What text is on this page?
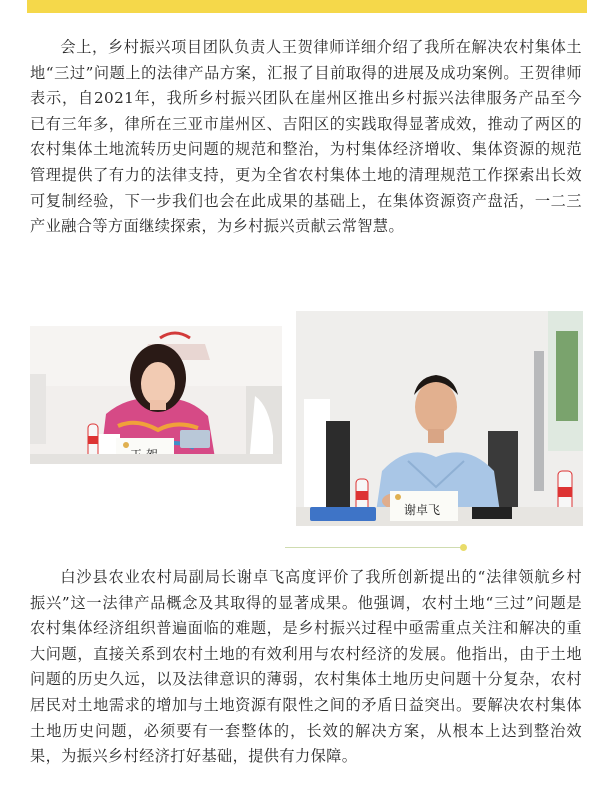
会上，乡村振兴项目团队负责人王贺律师详细介绍了我所在解决农村集体土地“三过”问题上的法律产品方案，汇报了目前取得的进展及成功案例。王贺律师表示，自2021年，我所乡村振兴团队在崖州区推出乡村振兴法律服务产品至今已有三年多，律所在三亚市崖州区、吉阳区的实践取得显著成效，推动了两区的农村集体土地流转历史问题的规范和整治，为村集体经济增收、集体资源的规范管理提供了有力的法律支持，更为全省农村集体土地的清理规范工作探索出长效可复制经验，下一步我们也会在此成果的基础上，在集体资源资产盘活，一二三产业融合等方面继续探索，为乡村振兴贡献云常智慧。

谢卓飞

白沙县农业农村局副局长谢卓飞高度评价了我所创新提出的“法律领航乡村振兴”这一法律产品概念及其取得的显著成果。他强调，农村土地“三过”问题是农村集体经济组织普遍面临的难题，是乡村振兴过程中亟需重点关注和解决的重大问题，直接关系到农村土地的有效利用与农村经济的发展。他指出，由于土地问题的历史久远，以及法律意识的薄弱，农村集体土地历史问题十分复杂，农村居民对土地需求的增加与土地资源有限性之间的矛盾日益突出。要解决农村集体土地历史问题，必须要有一套整体的，长效的解决方案，从根本上达到整治效果，为振兴乡村经济打好基础，提供有力保障。
